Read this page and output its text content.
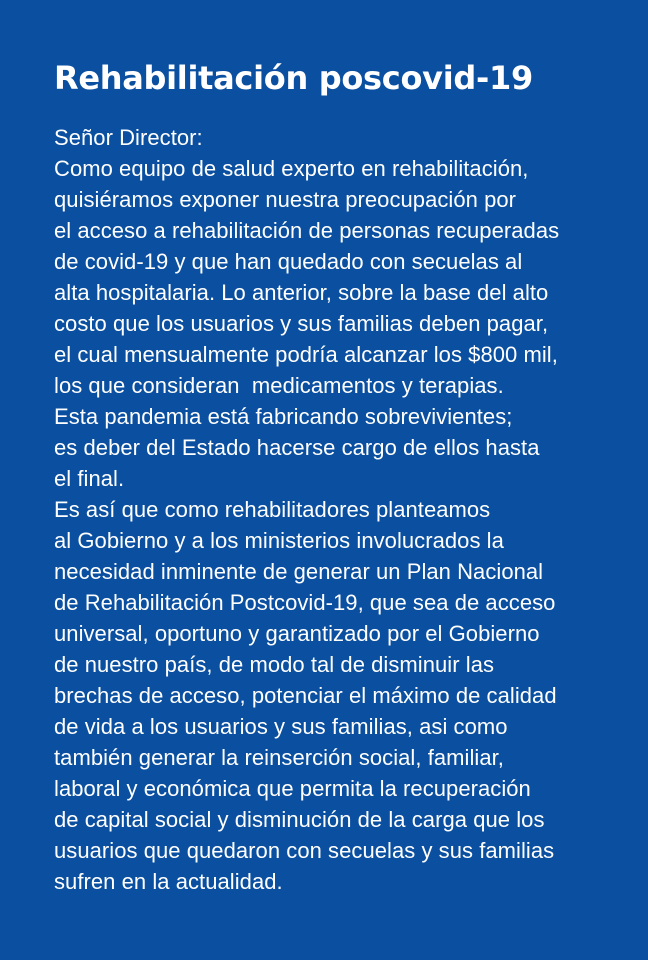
Rehabilitación poscovid-19
Señor Director:
Como equipo de salud experto en rehabilitación,
quisiéramos exponer nuestra preocupación por
el acceso a rehabilitación de personas recuperadas
de covid-19 y que han quedado con secuelas al
alta hospitalaria. Lo anterior, sobre la base del alto
costo que los usuarios y sus familias deben pagar,
el cual mensualmente podría alcanzar los $800 mil,
los que consideran  medicamentos y terapias.
Esta pandemia está fabricando sobrevivientes;
es deber del Estado hacerse cargo de ellos hasta
el final.
Es así que como rehabilitadores planteamos
al Gobierno y a los ministerios involucrados la
necesidad inminente de generar un Plan Nacional
de Rehabilitación Postcovid-19, que sea de acceso
universal, oportuno y garantizado por el Gobierno
de nuestro país, de modo tal de disminuir las
brechas de acceso, potenciar el máximo de calidad
de vida a los usuarios y sus familias, asi como
también generar la reinserción social, familiar,
laboral y económica que permita la recuperación
de capital social y disminución de la carga que los
usuarios que quedaron con secuelas y sus familias
sufren en la actualidad.
